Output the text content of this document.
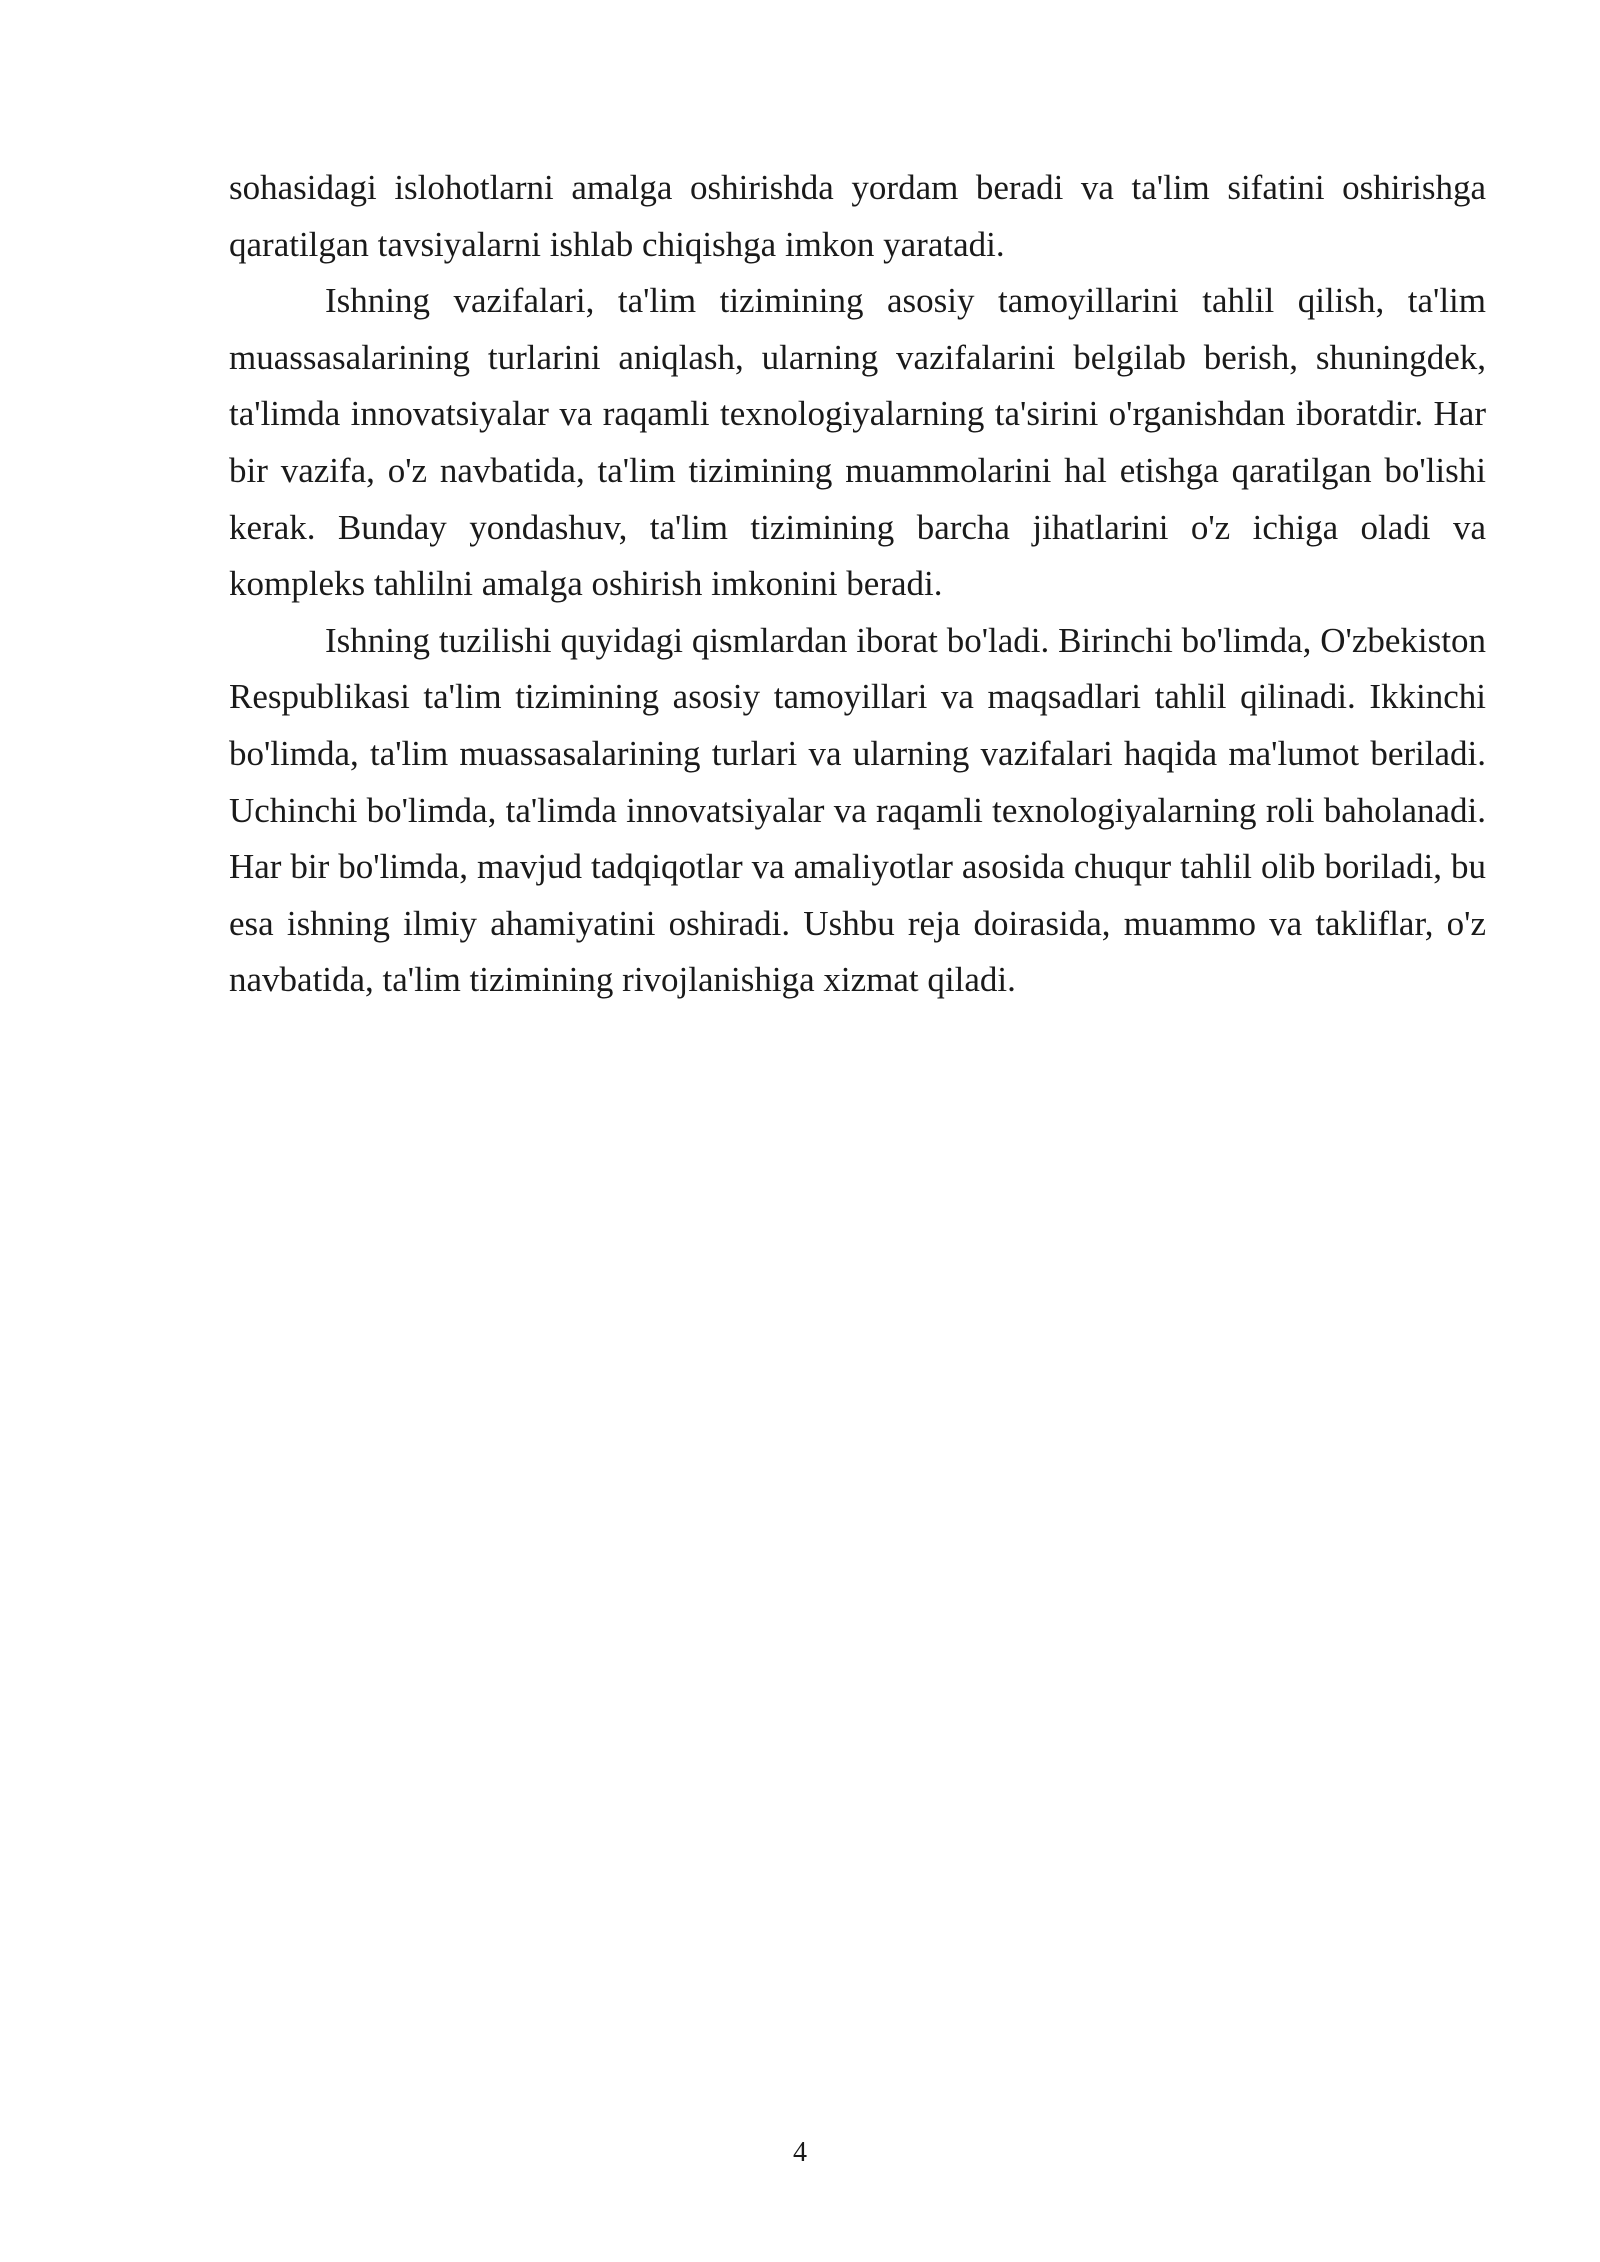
sohasidagi islohotlarni amalga oshirishda yordam beradi va ta'lim sifatini oshirishga qaratilgan tavsiyalarni ishlab chiqishga imkon yaratadi.

Ishning vazifalari, ta'lim tizimining asosiy tamoyillarini tahlil qilish, ta'lim muassasalarining turlarini aniqlash, ularning vazifalarini belgilab berish, shuningdek, ta'limda innovatsiyalar va raqamli texnologiyalarning ta'sirini o'rganishdan iboratdir. Har bir vazifa, o'z navbatida, ta'lim tizimining muammolarini hal etishga qaratilgan bo'lishi kerak. Bunday yondashuv, ta'lim tizimining barcha jihatlarini o'z ichiga oladi va kompleks tahlilni amalga oshirish imkonini beradi.

Ishning tuzilishi quyidagi qismlardan iborat bo'ladi. Birinchi bo'limda, O'zbekiston Respublikasi ta'lim tizimining asosiy tamoyillari va maqsadlari tahlil qilinadi. Ikkinchi bo'limda, ta'lim muassasalarining turlari va ularning vazifalari haqida ma'lumot beriladi. Uchinchi bo'limda, ta'limda innovatsiyalar va raqamli texnologiyalarning roli baholanadi. Har bir bo'limda, mavjud tadqiqotlar va amaliyotlar asosida chuqur tahlil olib boriladi, bu esa ishning ilmiy ahamiyatini oshiradi. Ushbu reja doirasida, muammo va takliflar, o'z navbatida, ta'lim tizimining rivojlanishiga xizmat qiladi.

4
